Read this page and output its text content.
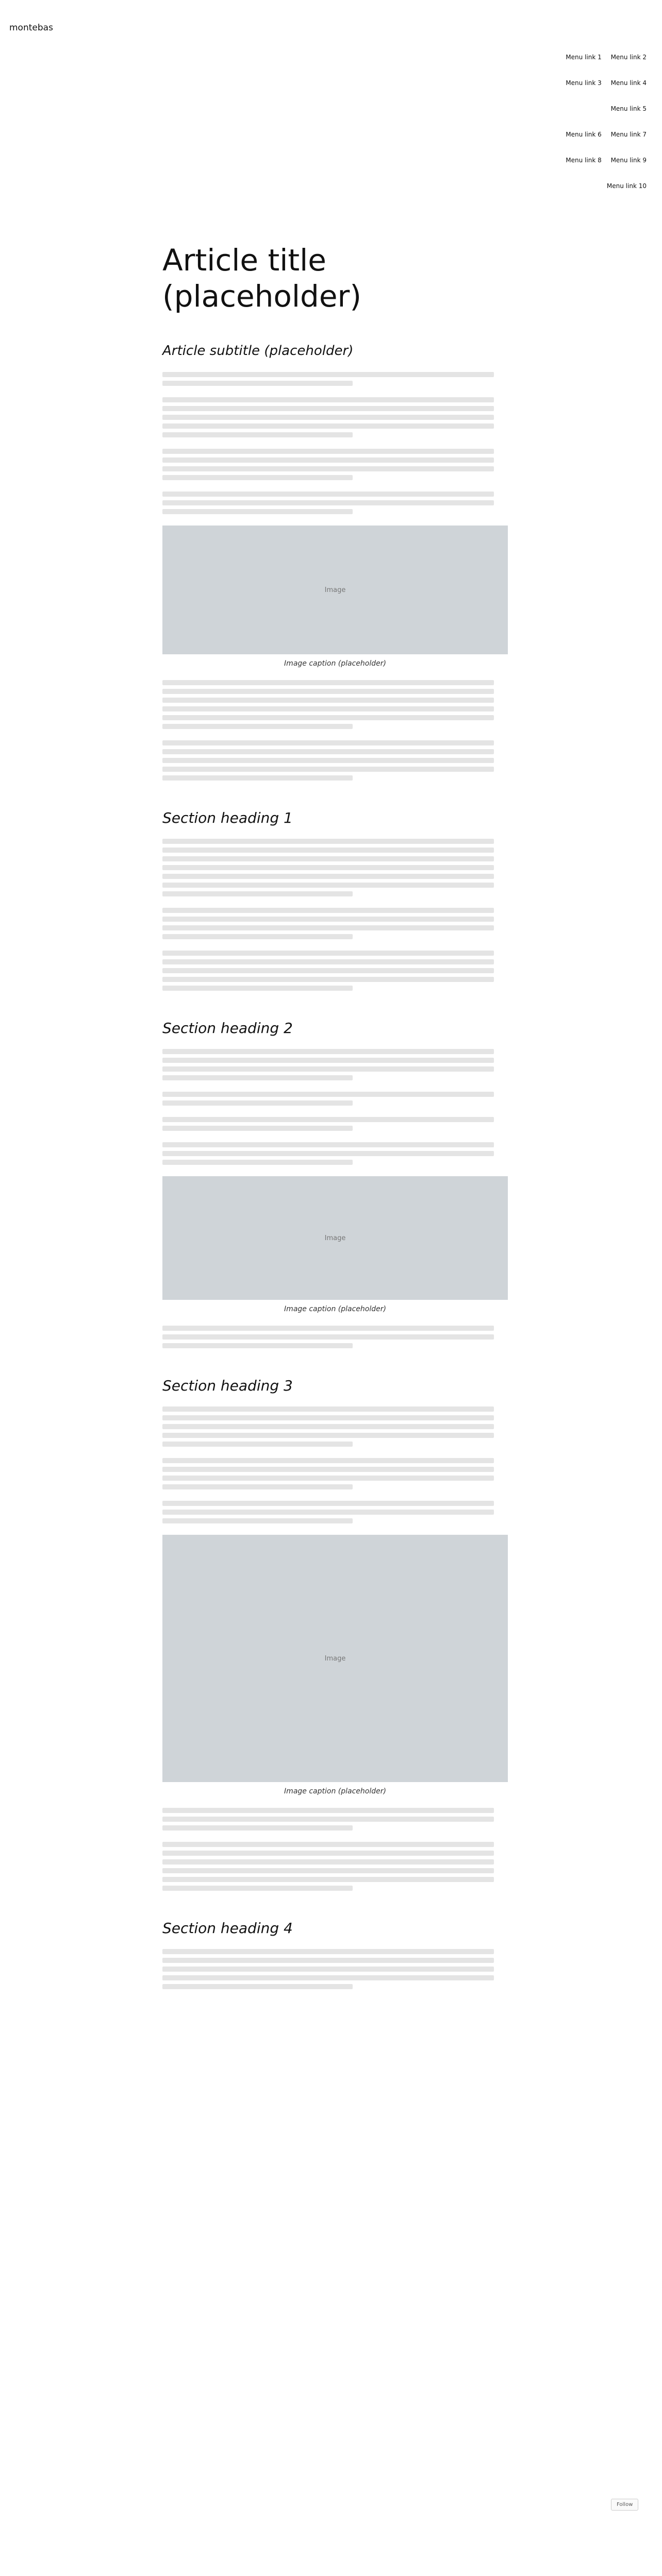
montebas
Menu link 1 Menu link 2
Menu link 3 Menu link 4
Menu link 5
Menu link 6 Menu link 7
Menu link 8 Menu link 9
Menu link 10
Article title (placeholder)
Article subtitle (placeholder)

Image
Image caption (placeholder)

Section heading 1

Section heading 2

Image
Image caption (placeholder)

Section heading 3

Image
Image caption (placeholder)

Section heading 4

Follow
